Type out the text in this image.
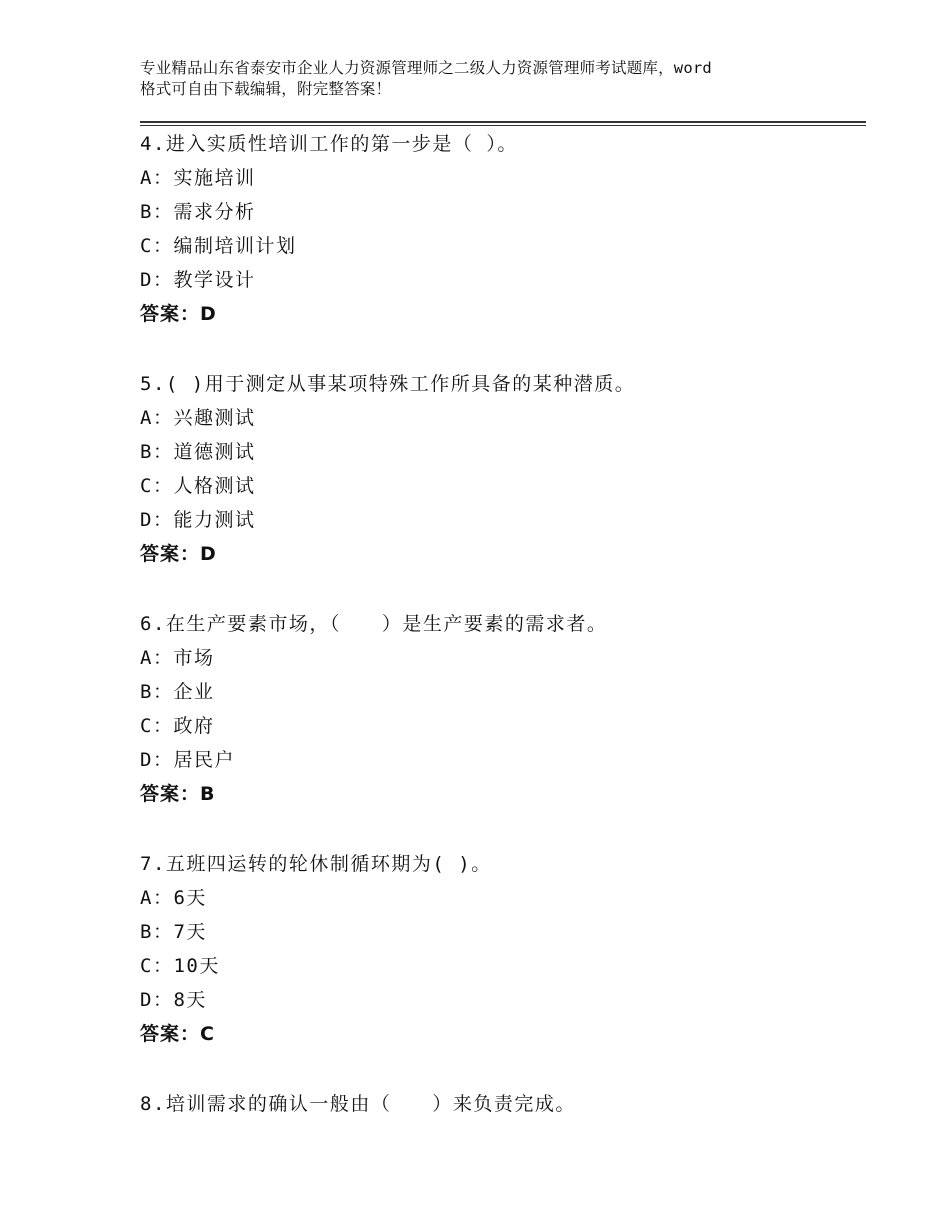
专业精品山东省泰安市企业人力资源管理师之二级人力资源管理师考试题库，word
格式可自由下载编辑，附完整答案！
4.进入实质性培训工作的第一步是（ ）。
A：实施培训
B：需求分析
C：编制培训计划
D：教学设计
答案：D
5.( )用于测定从事某项特殊工作所具备的某种潜质。
A：兴趣测试
B：道德测试
C：人格测试
D：能力测试
答案：D
6.在生产要素市场，（　　）是生产要素的需求者。
A：市场
B：企业
C：政府
D：居民户
答案：B
7.五班四运转的轮休制循环期为( )。
A：6天
B：7天
C：10天
D：8天
答案：C
8.培训需求的确认一般由（　　）来负责完成。
